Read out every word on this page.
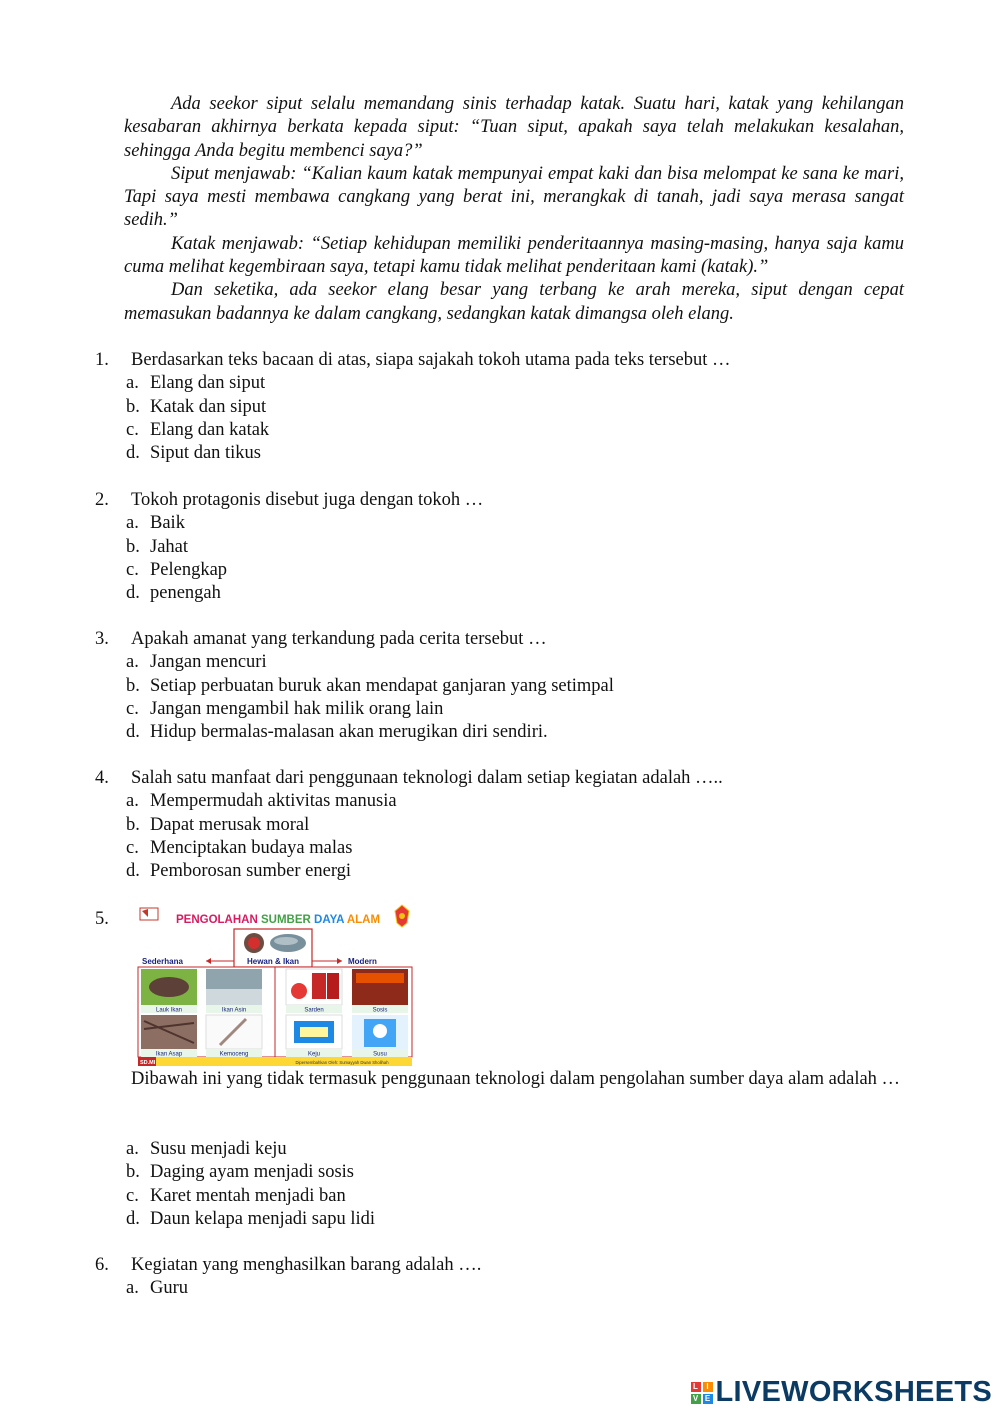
Ada seekor siput selalu memandang sinis terhadap katak. Suatu hari, katak yang kehilangan kesabaran akhirnya berkata kepada siput: “Tuan siput, apakah saya telah melakukan kesalahan, sehingga Anda begitu membenci saya?”

Siput menjawab: “Kalian kaum katak mempunyai empat kaki dan bisa melompat ke sana ke mari, Tapi saya mesti membawa cangkang yang berat ini, merangkak di tanah, jadi saya merasa sangat sedih.”

Katak menjawab: “Setiap kehidupan memiliki penderitaannya masing-masing, hanya saja kamu cuma melihat kegembiraan saya, tetapi kamu tidak melihat penderitaan kami (katak).”

Dan seketika, ada seekor elang besar yang terbang ke arah mereka, siput dengan cepat memasukan badannya ke dalam cangkang, sedangkan katak dimangsa oleh elang.

1. Berdasarkan teks bacaan di atas, siapa sajakah tokoh utama pada teks tersebut …
a. Elang dan siput
b. Katak dan siput
c. Elang dan katak
d. Siput dan tikus
2. Tokoh protagonis disebut juga dengan tokoh …
a. Baik
b. Jahat
c. Pelengkap
d. penengah
3. Apakah amanat yang terkandung pada cerita tersebut …
a. Jangan mencuri
b. Setiap perbuatan buruk akan mendapat ganjaran yang setimpal
c. Jangan mengambil hak milik orang lain
d. Hidup bermalas-malasan akan merugikan diri sendiri.
4. Salah satu manfaat dari penggunaan teknologi dalam setiap kegiatan adalah …..
a. Mempermudah aktivitas manusia
b. Dapat merusak moral
c. Menciptakan budaya malas
d. Pemborosan sumber energi
5.	PENGOLAHAN SUMBER DAYA ALAM
Hewan & Ikan
Sederhana	Modern
Lauk Ikan	Ikan Asin	Sarden	Sosis
Ikan Asap	Kemoceng	Keju	Susu
SD.MI	Dipersembahkan Oleh: Sumayyah Dwan Sholihah
Dibawah ini yang tidak termasuk penggunaan teknologi dalam pengolahan sumber daya alam adalah …
a. Susu menjadi keju
b. Daging ayam menjadi sosis
c. Karet mentah menjadi ban
d. Daun kelapa menjadi sapu lidi
6. Kegiatan yang menghasilkan barang adalah ….
a. Guru
L	I
V E LIVEWORKSHEETS
